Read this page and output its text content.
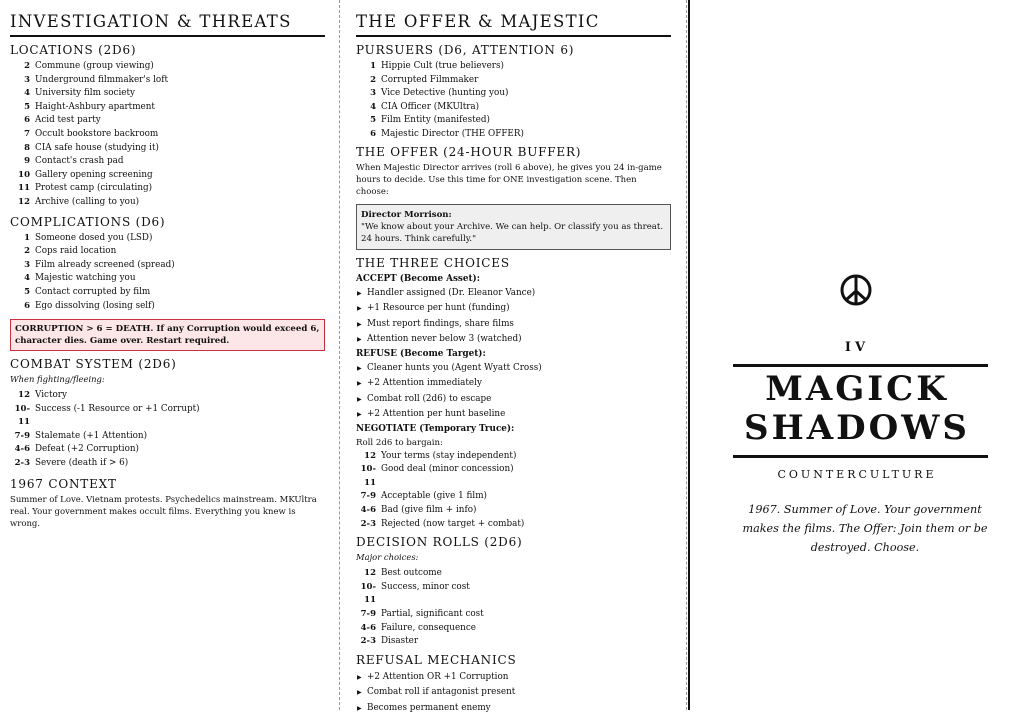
INVESTIGATION & THREATS
LOCATIONS (2D6)
2 Commune (group viewing)
3 Underground filmmaker's loft
4 University film society
5 Haight-Ashbury apartment
6 Acid test party
7 Occult bookstore backroom
8 CIA safe house (studying it)
9 Contact's crash pad
10 Gallery opening screening
11 Protest camp (circulating)
12 Archive (calling to you)
COMPLICATIONS (D6)
1 Someone dosed you (LSD)
2 Cops raid location
3 Film already screened (spread)
4 Majestic watching you
5 Contact corrupted by film
6 Ego dissolving (losing self)
CORRUPTION > 6 = DEATH. If any Corruption would exceed 6, character dies. Game over. Restart required.
COMBAT SYSTEM (2D6)
When fighting/fleeing:
12 Victory
10- Success (-1 Resource or +1 Corrupt)
11
7-9 Stalemate (+1 Attention)
4-6 Defeat (+2 Corruption)
2-3 Severe (death if > 6)
1967 CONTEXT
Summer of Love. Vietnam protests. Psychedelics mainstream. MKUltra real. Your government makes occult films. Everything you knew is wrong.
THE OFFER & MAJESTIC
PURSUERS (D6, ATTENTION 6)
1 Hippie Cult (true believers)
2 Corrupted Filmmaker
3 Vice Detective (hunting you)
4 CIA Officer (MKUltra)
5 Film Entity (manifested)
6 Majestic Director (THE OFFER)
THE OFFER (24-HOUR BUFFER)
When Majestic Director arrives (roll 6 above), he gives you 24 in-game hours to decide. Use this time for ONE investigation scene. Then choose:
Director Morrison:
"We know about your Archive. We can help. Or classify you as threat. 24 hours. Think carefully."
THE THREE CHOICES
ACCEPT (Become Asset):
▶ Handler assigned (Dr. Eleanor Vance)
▶ +1 Resource per hunt (funding)
▶ Must report findings, share films
▶ Attention never below 3 (watched)
REFUSE (Become Target):
▶ Cleaner hunts you (Agent Wyatt Cross)
▶ +2 Attention immediately
▶ Combat roll (2d6) to escape
▶ +2 Attention per hunt baseline
NEGOTIATE (Temporary Truce):
Roll 2d6 to bargain:
12 Your terms (stay independent)
10- Good deal (minor concession)
11
7-9 Acceptable (give 1 film)
4-6 Bad (give film + info)
2-3 Rejected (now target + combat)
DECISION ROLLS (2D6)
Major choices:
12 Best outcome
10- Success, minor cost
11
7-9 Partial, significant cost
4-6 Failure, consequence
2-3 Disaster
REFUSAL MECHANICS
▶ +2 Attention OR +1 Corruption
▶ Combat roll if antagonist present
▶ Becomes permanent enemy
IV
MAGICK
SHADOWS
COUNTERCULTURE
1967. Summer of Love. Your government makes the films. The Offer: Join them or be destroyed. Choose.
